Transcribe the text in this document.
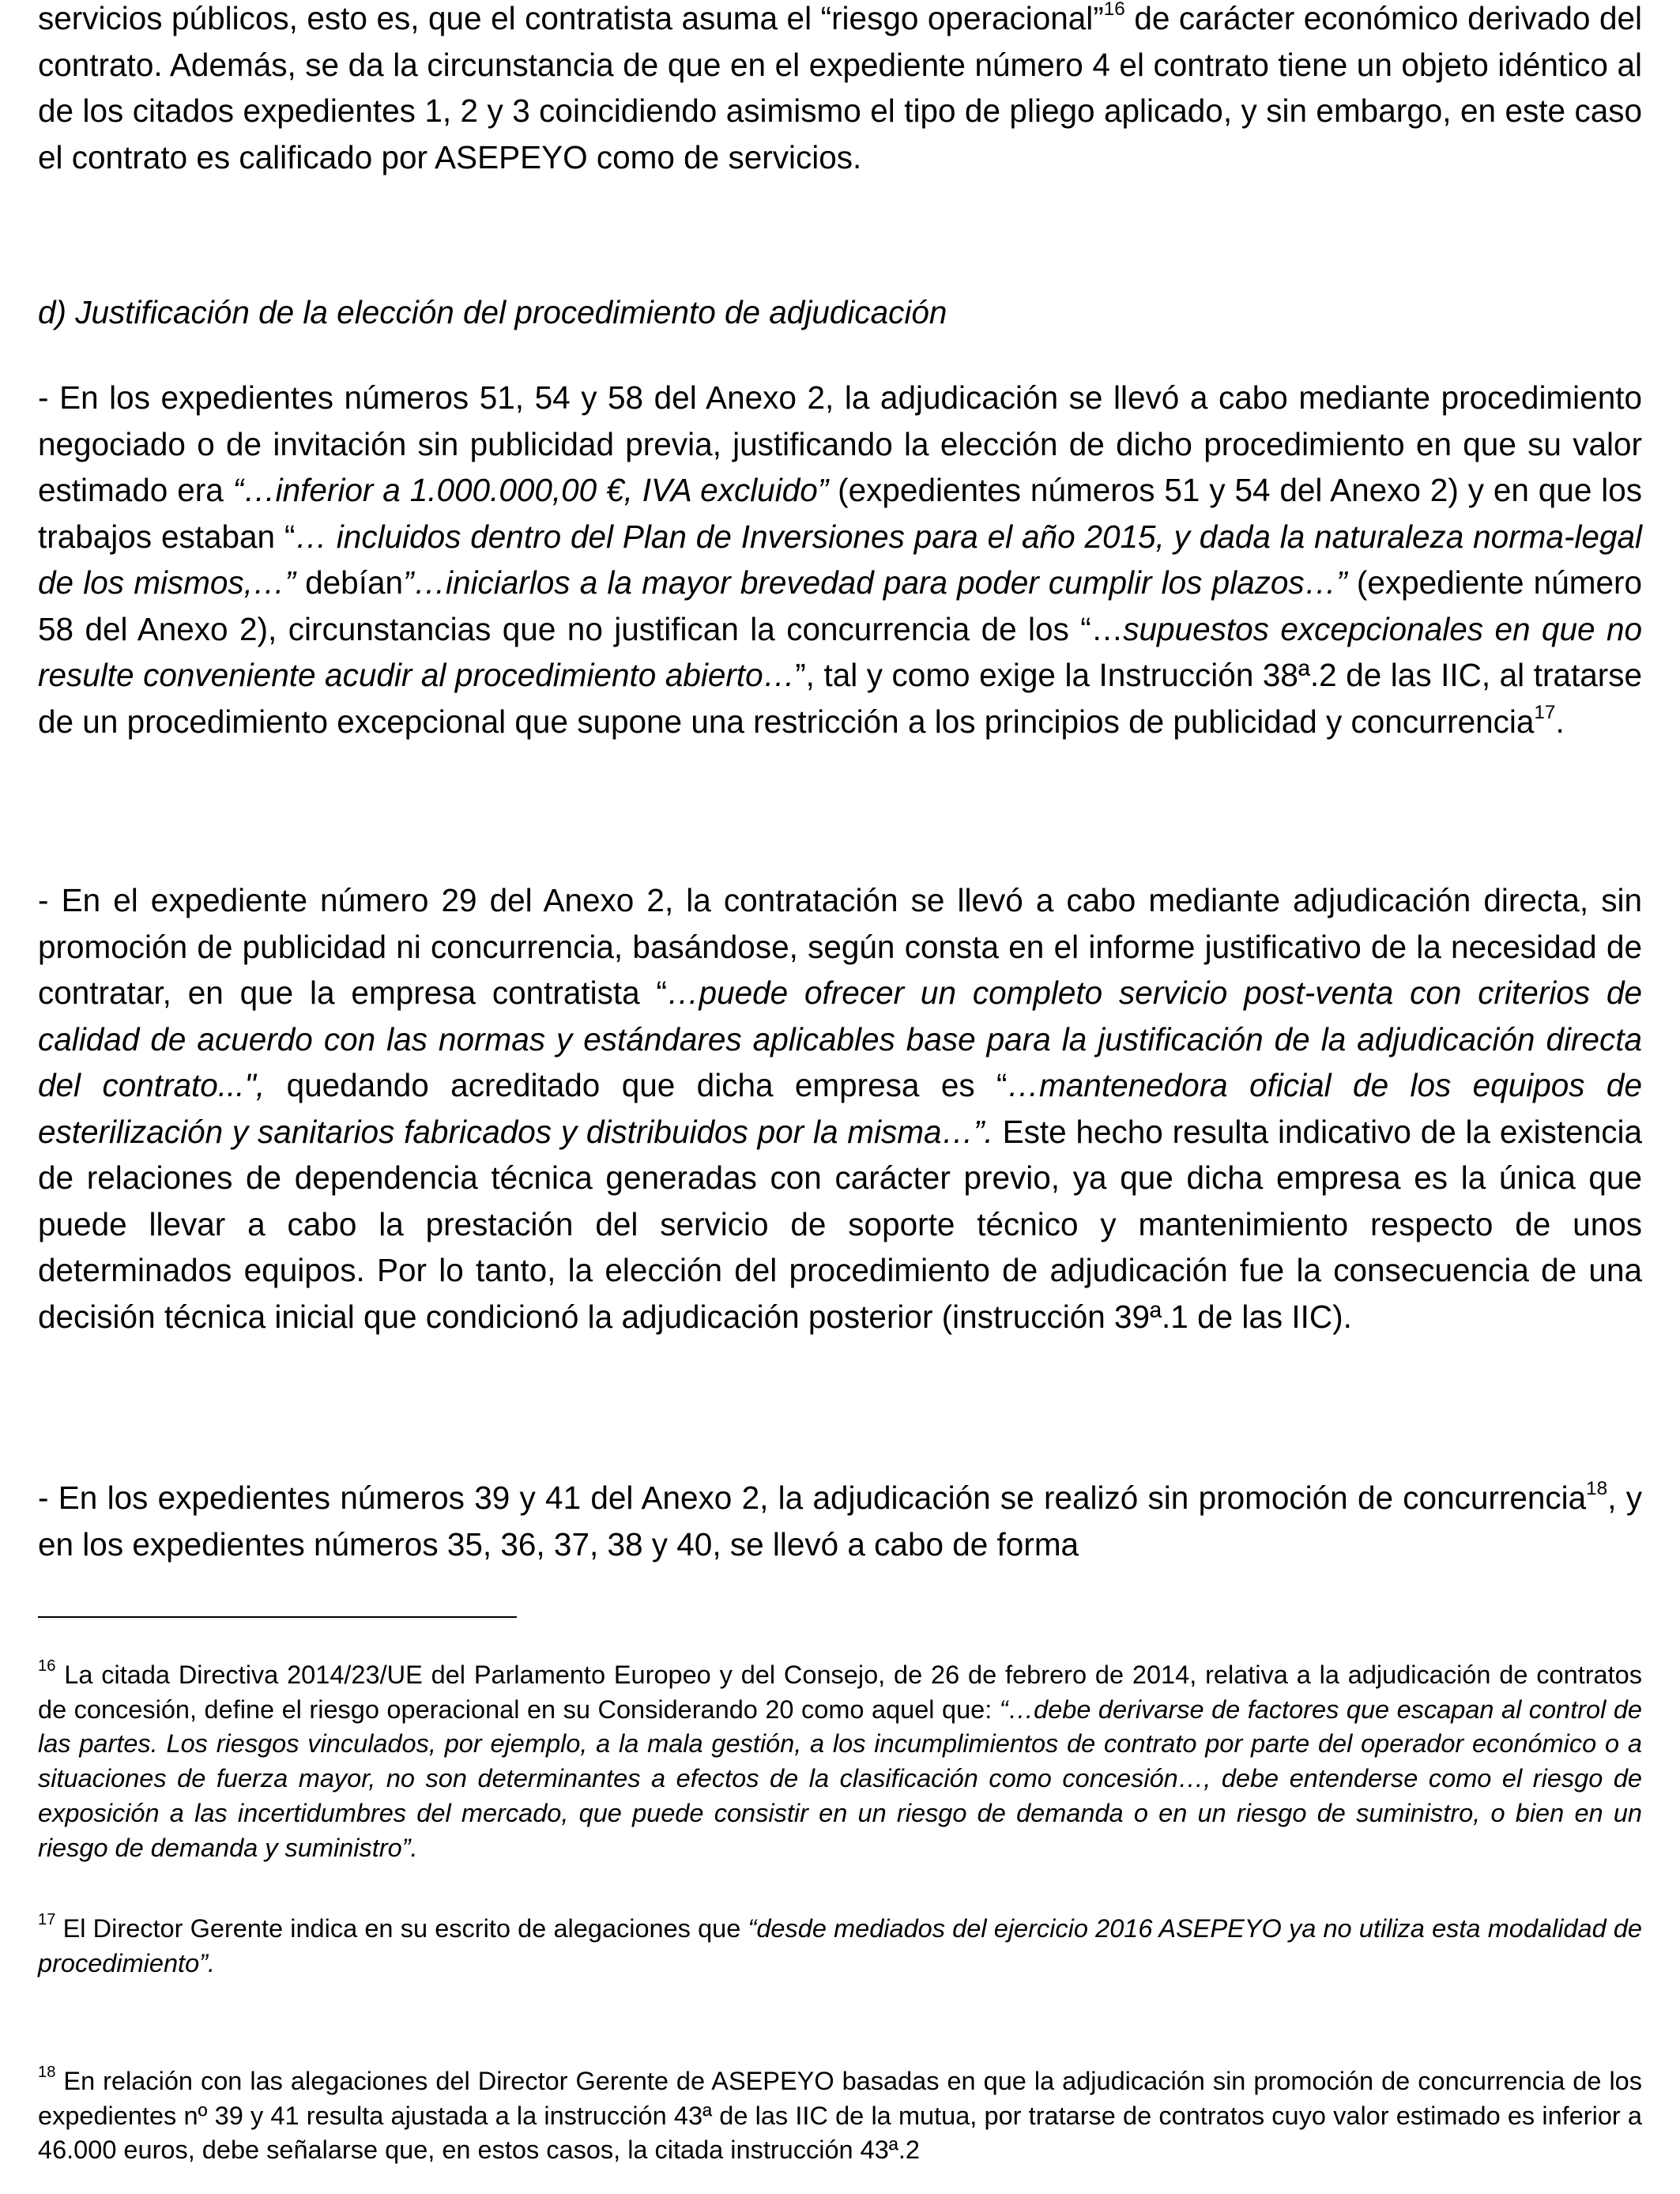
servicios públicos, esto es, que el contratista asuma el “riesgo operacional”$^{16}$ de carácter económico derivado del contrato. Además, se da la circunstancia de que en el expediente número 4 el contrato tiene un objeto idéntico al de los citados expedientes 1, 2 y 3 coincidiendo asimismo el tipo de pliego aplicado, y sin embargo, en este caso el contrato es calificado por ASEPEYO como de servicios.

d) Justificación de la elección del procedimiento de adjudicación

- En los expedientes números 51, 54 y 58 del Anexo 2, la adjudicación se llevó a cabo mediante procedimiento negociado o de invitación sin publicidad previa, justificando la elección de dicho procedimiento en que su valor estimado era “…inferior a 1.000.000,00 €, IVA excluido” (expedientes números 51 y 54 del Anexo 2) y en que los trabajos estaban “… incluidos dentro del Plan de Inversiones para el año 2015, y dada la naturaleza norma-legal de los mismos,…” debían”…iniciarlos a la mayor brevedad para poder cumplir los plazos…” (expediente número 58 del Anexo 2), circunstancias que no justifican la concurrencia de los “…supuestos excepcionales en que no resulte conveniente acudir al procedimiento abierto…”, tal y como exige la Instrucción 38ª.2 de las IIC, al tratarse de un procedimiento excepcional que supone una restricción a los principios de publicidad y concurrencia$^{17}$.

- En el expediente número 29 del Anexo 2, la contratación se llevó a cabo mediante adjudicación directa, sin promoción de publicidad ni concurrencia, basándose, según consta en el informe justificativo de la necesidad de contratar, en que la empresa contratista “…puede ofrecer un completo servicio post-venta con criterios de calidad de acuerdo con las normas y estándares aplicables base para la justificación de la adjudicación directa del contrato...", quedando acreditado que dicha empresa es “…mantenedora oficial de los equipos de esterilización y sanitarios fabricados y distribuidos por la misma…”. Este hecho resulta indicativo de la existencia de relaciones de dependencia técnica generadas con carácter previo, ya que dicha empresa es la única que puede llevar a cabo la prestación del servicio de soporte técnico y mantenimiento respecto de unos determinados equipos. Por lo tanto, la elección del procedimiento de adjudicación fue la consecuencia de una decisión técnica inicial que condicionó la adjudicación posterior (instrucción 39ª.1 de las IIC).

- En los expedientes números 39 y 41 del Anexo 2, la adjudicación se realizó sin promoción de concurrencia$^{18}$, y en los expedientes números 35, 36, 37, 38 y 40, se llevó a cabo de forma

$^{16}$ La citada Directiva 2014/23/UE del Parlamento Europeo y del Consejo, de 26 de febrero de 2014, relativa a la adjudicación de contratos de concesión, define el riesgo operacional en su Considerando 20 como aquel que: “…debe derivarse de factores que escapan al control de las partes. Los riesgos vinculados, por ejemplo, a la mala gestión, a los incumplimientos de contrato por parte del operador económico o a situaciones de fuerza mayor, no son determinantes a efectos de la clasificación como concesión…, debe entenderse como el riesgo de exposición a las incertidumbres del mercado, que puede consistir en un riesgo de demanda o en un riesgo de suministro, o bien en un riesgo de demanda y suministro”.

$^{17}$ El Director Gerente indica en su escrito de alegaciones que “desde mediados del ejercicio 2016 ASEPEYO ya no utiliza esta modalidad de procedimiento”.

$^{18}$ En relación con las alegaciones del Director Gerente de ASEPEYO basadas en que la adjudicación sin promoción de concurrencia de los expedientes nº 39 y 41 resulta ajustada a la instrucción 43ª de las IIC de la mutua, por tratarse de contratos cuyo valor estimado es inferior a 46.000 euros, debe señalarse que, en estos casos, la citada instrucción 43ª.2
